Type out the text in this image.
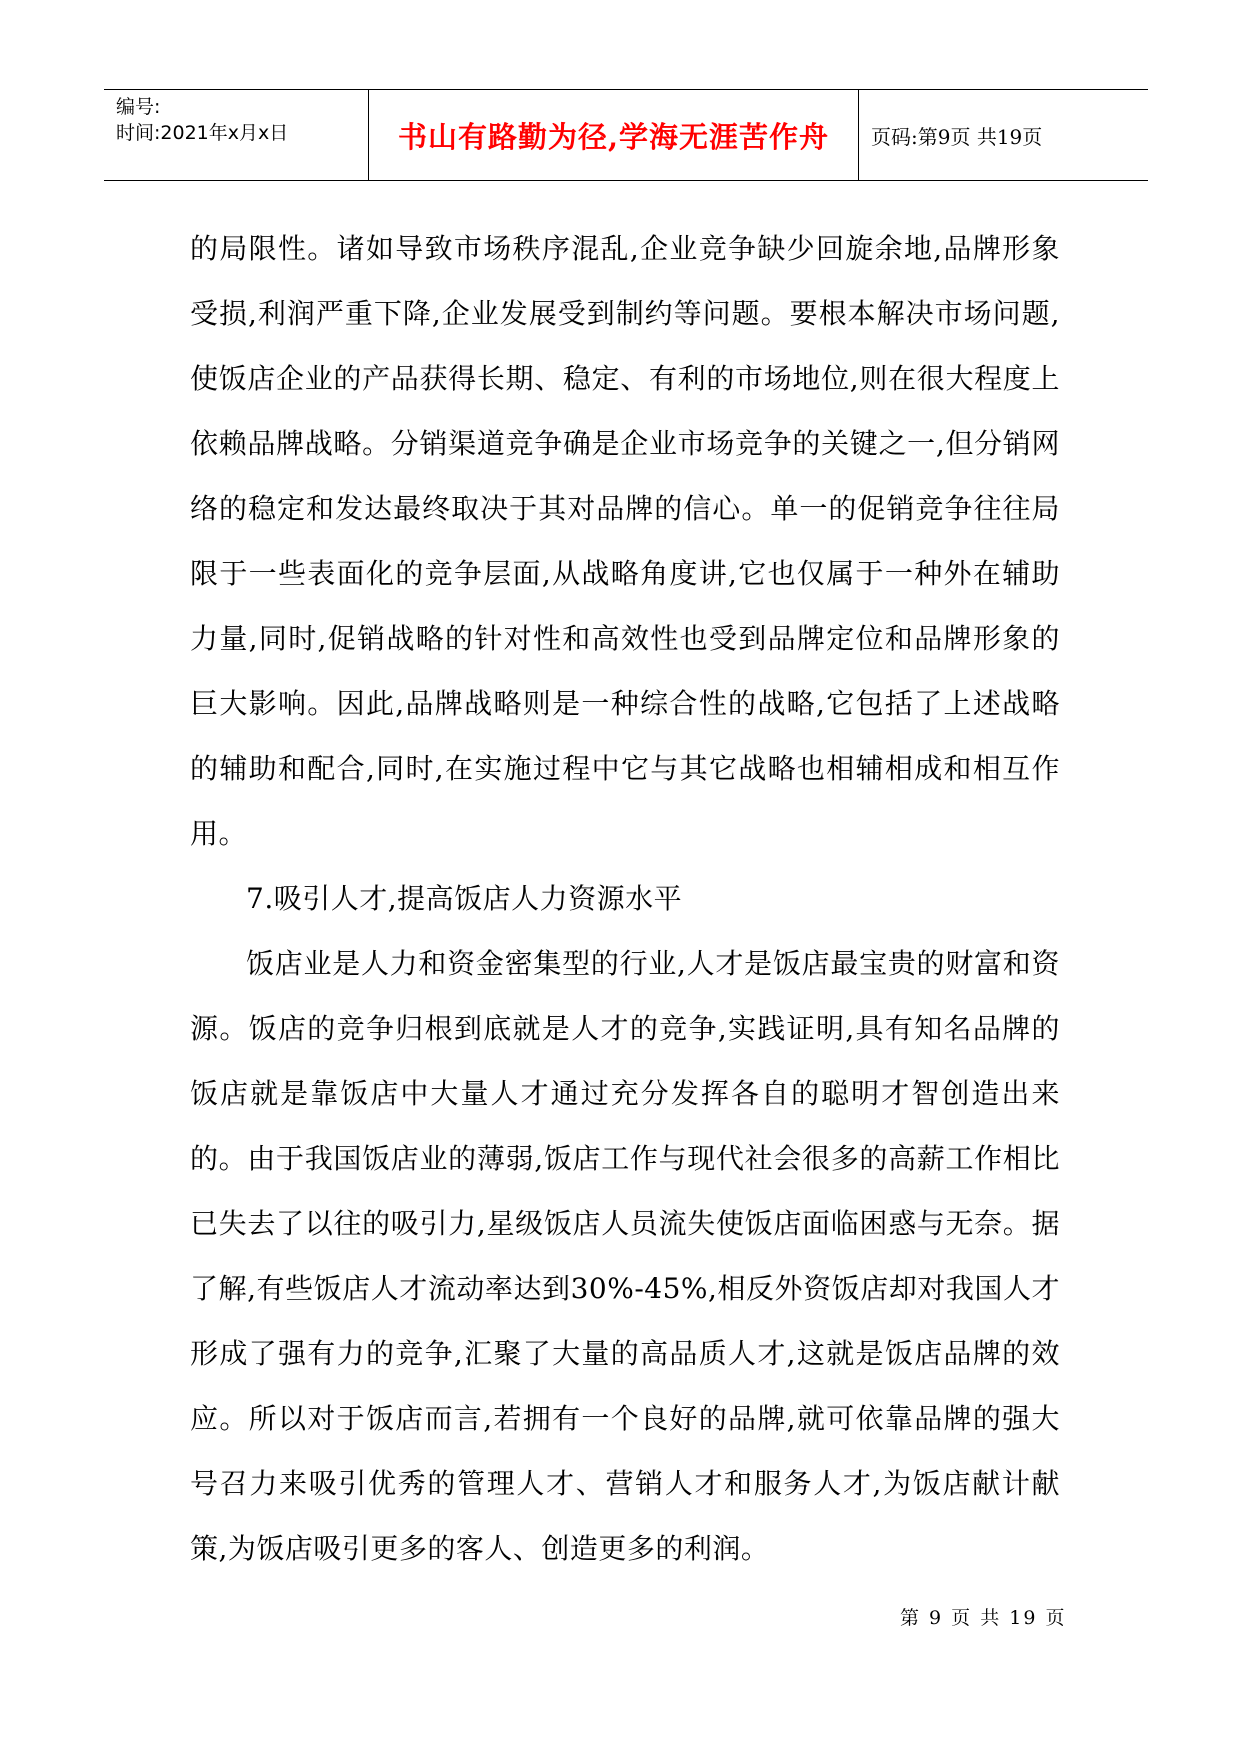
编号:
时间:2021年x月x日	书山有路勤为径,学海无涯苦作舟	页码:第9页 共19页

的局限性。诸如导致市场秩序混乱,企业竞争缺少回旋余地,品牌形象受损,利润严重下降,企业发展受到制约等问题。要根本解决市场问题,使饭店企业的产品获得长期、稳定、有利的市场地位,则在很大程度上依赖品牌战略。分销渠道竞争确是企业市场竞争的关键之一,但分销网络的稳定和发达最终取决于其对品牌的信心。单一的促销竞争往往局限于一些表面化的竞争层面,从战略角度讲,它也仅属于一种外在辅助力量,同时,促销战略的针对性和高效性也受到品牌定位和品牌形象的巨大影响。因此,品牌战略则是一种综合性的战略,它包括了上述战略的辅助和配合,同时,在实施过程中它与其它战略也相辅相成和相互作用。

7.吸引人才,提高饭店人力资源水平

饭店业是人力和资金密集型的行业,人才是饭店最宝贵的财富和资源。饭店的竞争归根到底就是人才的竞争,实践证明,具有知名品牌的饭店就是靠饭店中大量人才通过充分发挥各自的聪明才智创造出来的。由于我国饭店业的薄弱,饭店工作与现代社会很多的高薪工作相比已失去了以往的吸引力,星级饭店人员流失使饭店面临困惑与无奈。据了解,有些饭店人才流动率达到30%-45%,相反外资饭店却对我国人才形成了强有力的竞争,汇聚了大量的高品质人才,这就是饭店品牌的效应。所以对于饭店而言,若拥有一个良好的品牌,就可依靠品牌的强大号召力来吸引优秀的管理人才、营销人才和服务人才,为饭店献计献策,为饭店吸引更多的客人、创造更多的利润。

第 9 页 共 19 页
